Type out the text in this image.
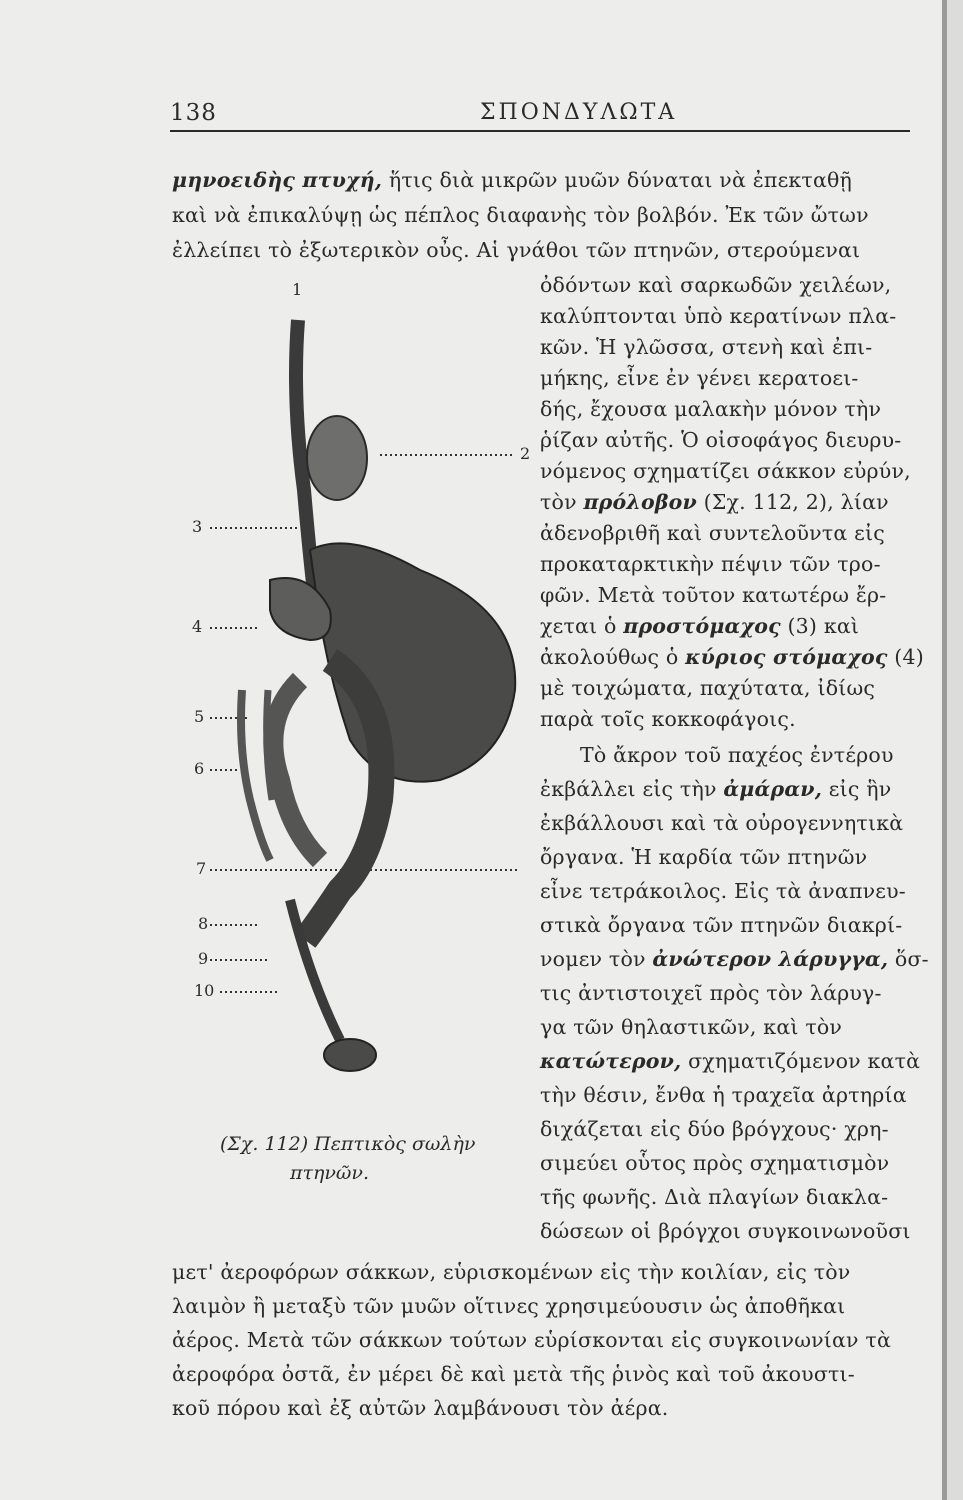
138	ΣΠΟΝΔΥΛΩΤΑ
μηνοειδὴς πτυχή, ἥτις διὰ μικρῶν μυῶν δύναται νὰ ἐπεκταθῇ
καὶ νὰ ἐπικαλύψῃ ὡς πέπλος διαφανὴς τὸν βολβόν. Ἐκ τῶν ὤτων
ἐλλείπει τὸ ἐξωτερικὸν οὖς. Αἱ γνάθοι τῶν πτηνῶν, στερούμεναι
ὀδόντων καὶ σαρκωδῶν χειλέων,
καλύπτονται ὑπὸ κερατίνων πλα-
κῶν. Ἡ γλῶσσα, στενὴ καὶ ἐπι-
μήκης, εἶνε ἐν γένει κερατοει-
δής, ἔχουσα μαλακὴν μόνον τὴν
ῥίζαν αὐτῆς. Ὁ οἰσοφάγος διευρυ-
νόμενος σχηματίζει σάκκον εὐρύν,
τὸν πρόλοβον (Σχ. 112, 2), λίαν
ἀδενοβριθῆ καὶ συντελοῦντα εἰς
προκαταρκτικὴν πέψιν τῶν τρο-
φῶν. Μετὰ τοῦτον κατωτέρω ἔρ-
χεται ὁ προστόμαχος (3) καὶ
ἀκολούθως ὁ κύριος στόμαχος (4)
μὲ τοιχώματα, παχύτατα, ἰδίως
παρὰ τοῖς κοκκοφάγοις.
Τὸ ἄκρον τοῦ παχέος ἐντέρου
ἐκβάλλει εἰς τὴν ἀμάραν, εἰς ἣν
ἐκβάλλουσι καὶ τὰ οὐρογεννητικὰ
ὄργανα. Ἡ καρδία τῶν πτηνῶν
εἶνε τετράκοιλος. Εἰς τὰ ἀναπνευ-
στικὰ ὄργανα τῶν πτηνῶν διακρί-
νομεν τὸν ἀνώτερον λάρυγγα, ὅσ-
τις ἀντιστοιχεῖ πρὸς τὸν λάρυγ-
γα τῶν θηλαστικῶν, καὶ τὸν
κατώτερον, σχηματιζόμενον κατὰ
τὴν θέσιν, ἔνθα ἡ τραχεῖα ἀρτηρία
διχάζεται εἰς δύο βρόγχους· χρη-
σιμεύει οὗτος πρὸς σχηματισμὸν
τῆς φωνῆς. Διὰ πλαγίων διακλα-
δώσεων οἱ βρόγχοι συγκοινωνοῦσι
μετ' ἀεροφόρων σάκκων, εὑρισκομένων εἰς τὴν κοιλίαν, εἰς τὸν
λαιμὸν ἢ μεταξὺ τῶν μυῶν οἵτινες χρησιμεύουσιν ὡς ἀποθῆκαι
ἀέρος. Μετὰ τῶν σάκκων τούτων εὑρίσκονται εἰς συγκοινωνίαν τὰ
ἀεροφόρα ὀστᾶ, ἐν μέρει δὲ καὶ μετὰ τῆς ῥινὸς καὶ τοῦ ἀκουστι-
κοῦ πόρου καὶ ἐξ αὐτῶν λαμβάνουσι τὸν ἀέρα.
1
2
3
4
5
6
7
8
9
10
(Σχ. 112) Πεπτικὸς σωλὴν
πτηνῶν.
